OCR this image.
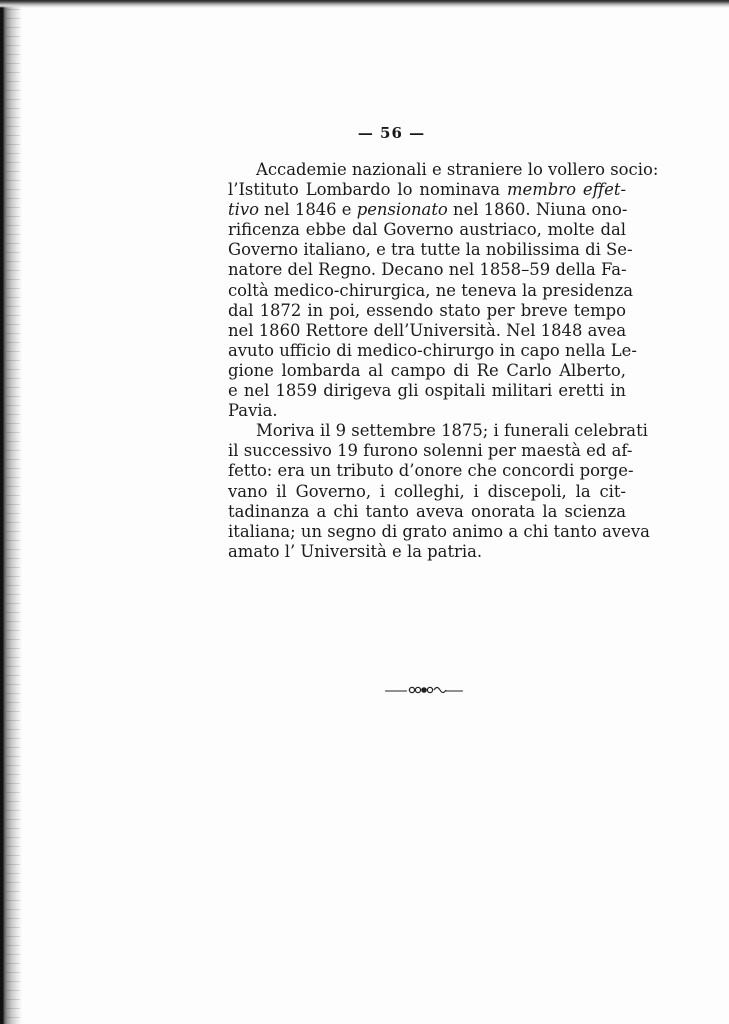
— 56 —
Accademie nazionali e straniere lo vollero socio:
l’Istituto Lombardo lo nominava membro effet-
tivo nel 1846 e pensionato nel 1860. Niuna ono-
rificenza ebbe dal Governo austriaco, molte dal
Governo italiano, e tra tutte la nobilissima di Se-
natore del Regno. Decano nel 1858–59 della Fa-
coltà medico-chirurgica, ne teneva la presidenza
dal 1872 in poi, essendo stato per breve tempo
nel 1860 Rettore dell’Università. Nel 1848 avea
avuto ufficio di medico-chirurgo in capo nella Le-
gione lombarda al campo di Re Carlo Alberto,
e nel 1859 dirigeva gli ospitali militari eretti in
Pavia.
Moriva il 9 settembre 1875; i funerali celebrati
il successivo 19 furono solenni per maestà ed af-
fetto: era un tributo d’onore che concordi porge-
vano il Governo, i colleghi, i discepoli, la cit-
tadinanza a chi tanto aveva onorata la scienza
italiana; un segno di grato animo a chi tanto aveva
amato l’ Università e la patria.
